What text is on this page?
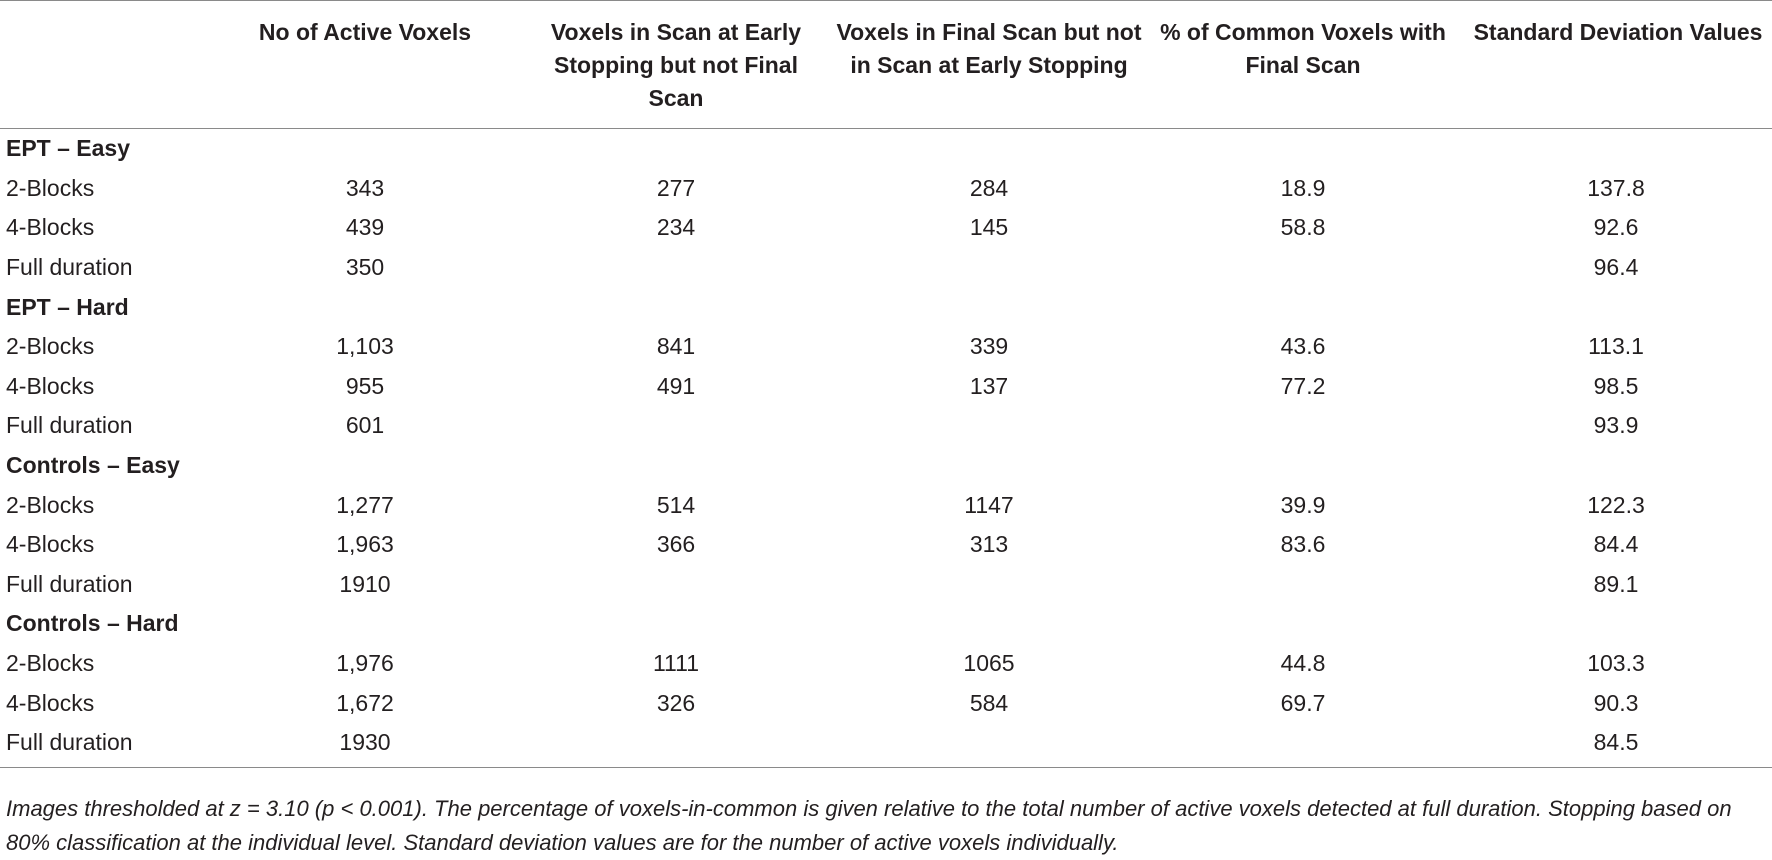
	No of Active Voxels	Voxels in Scan at Early Stopping but not Final Scan	Voxels in Final Scan but not in Scan at Early Stopping	% of Common Voxels with Final Scan	Standard Deviation Values
EPT – Easy					
2-Blocks	343	277	284	18.9	137.8
4-Blocks	439	234	145	58.8	92.6
Full duration	350				96.4
EPT – Hard					
2-Blocks	1,103	841	339	43.6	113.1
4-Blocks	955	491	137	77.2	98.5
Full duration	601				93.9
Controls – Easy					
2-Blocks	1,277	514	1147	39.9	122.3
4-Blocks	1,963	366	313	83.6	84.4
Full duration	1910				89.1
Controls – Hard					
2-Blocks	1,976	1111	1065	44.8	103.3
4-Blocks	1,672	326	584	69.7	90.3
Full duration	1930				84.5
Images thresholded at z = 3.10 (p < 0.001). The percentage of voxels-in-common is given relative to the total number of active voxels detected at full duration. Stopping based on 80% classification at the individual level. Standard deviation values are for the number of active voxels individually.
